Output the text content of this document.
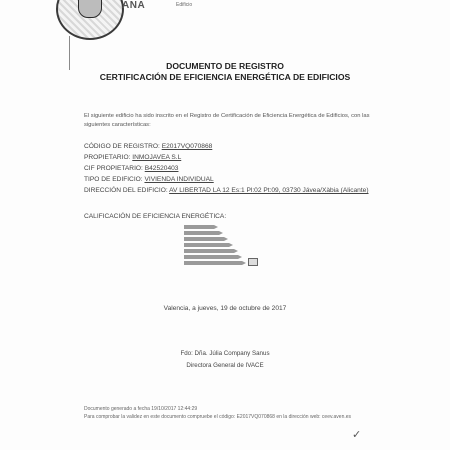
ANA	Edificio
DOCUMENTO DE REGISTRO
CERTIFICACIÓN DE EFICIENCIA ENERGÉTICA DE EDIFICIOS
El siguiente edificio ha sido inscrito en el Registro de Certificación de Eficiencia Energética de Edificios, con las siguientes características:
CÓDIGO DE REGISTRO: E2017VQ070868
PROPIETARIO: INMOJAVEA S.L
CIF PROPIETARIO: B42520403
TIPO DE EDIFICIO: VIVIENDA INDIVIDUAL
DIRECCIÓN DEL EDIFICIO: AV LIBERTAD LA 12 Es:1 Pl:02 Pt:09, 03730 Jávea/Xàbia (Alicante)
CALIFICACIÓN DE EFICIENCIA ENERGÉTICA:
Valencia, a jueves, 19 de octubre de 2017
Fdo: Dña. Júlia Company Sanus
Directora General de IVACE
Documento generado a fecha 19/10/2017 12:44:29
Para comprobar la validez en este documento compruebe el código: E2017VQ070868 en la dirección web: ceev.aven.es
✓
